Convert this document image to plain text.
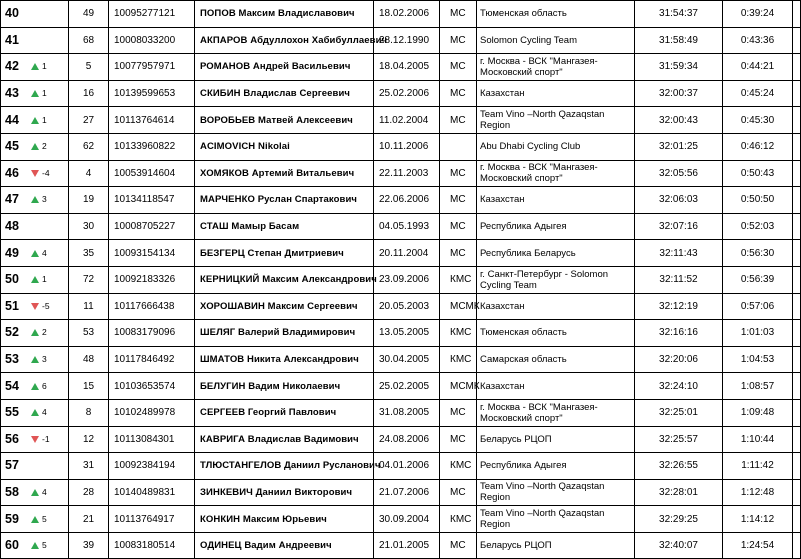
40	49	10095277121	ПОПОВ Максим Владиславович	18.02.2006	МС	Тюменская область	31:54:37	0:39:24	

41	68	10008033200	АКПАРОВ Абдуллохон Хабибуллаевич	28.12.1990	МС	Solomon Cycling Team	31:58:49	0:43:36	

42 1	5	10077957971	РОМАНОВ Андрей Васильевич	18.04.2005	МС	г. Москва - ВСК "Мангазея-Московский спорт"	31:59:34	0:44:21	

43 1	16	10139599653	СКИБИН Владислав Сергеевич	25.02.2006	МС	Казахстан	32:00:37	0:45:24	

44 1	27	10113764614	ВОРОБЬЕВ Матвей Алексеевич	11.02.2004	МС	Team Vino –North Qazaqstan Region	32:00:43	0:45:30	

45 2	62	10133960822	ACIMOVICH Nikolai	10.11.2006		Abu Dhabi Cycling Club	32:01:25	0:46:12	

46 -4	4	10053914604	ХОМЯКОВ Артемий Витальевич	22.11.2003	МС	г. Москва - ВСК "Мангазея-Московский спорт"	32:05:56	0:50:43	

47 3	19	10134118547	МАРЧЕНКО Руслан Спартакович	22.06.2006	МС	Казахстан	32:06:03	0:50:50	

48	30	10008705227	СТАШ Мамыр Басам	04.05.1993	МС	Республика Адыгея	32:07:16	0:52:03	

49 4	35	10093154134	БЕЗГЕРЦ Степан Дмитриевич	20.11.2004	МС	Республика Беларусь	32:11:43	0:56:30	

50 1	72	10092183326	КЕРНИЦКИЙ Максим Александрович	23.09.2006	КМС	г. Санкт-Петербург - Solomon Cycling Team	32:11:52	0:56:39	

51 -5	11	10117666438	ХОРОШАВИН Максим Сергеевич	20.05.2003	МСМК	Казахстан	32:12:19	0:57:06	

52 2	53	10083179096	ШЕЛЯГ Валерий Владимирович	13.05.2005	КМС	Тюменская область	32:16:16	1:01:03	

53 3	48	10117846492	ШМАТОВ Никита Александрович	30.04.2005	КМС	Самарская область	32:20:06	1:04:53	

54 6	15	10103653574	БЕЛУГИН Вадим Николаевич	25.02.2005	МСМК	Казахстан	32:24:10	1:08:57	

55 4	8	10102489978	СЕРГЕЕВ Георгий Павлович	31.08.2005	МС	г. Москва - ВСК "Мангазея-Московский спорт"	32:25:01	1:09:48	

56 -1	12	10113084301	КАВРИГА Владислав Вадимович	24.08.2006	МС	Беларусь РЦОП	32:25:57	1:10:44	

57	31	10092384194	ТЛЮСТАНГЕЛОВ Даниил Русланович	04.01.2006	КМС	Республика Адыгея	32:26:55	1:11:42	

58 4	28	10140489831	ЗИНКЕВИЧ Даниил Викторович	21.07.2006	МС	Team Vino –North Qazaqstan Region	32:28:01	1:12:48	

59 5	21	10113764917	КОНКИН Максим Юрьевич	30.09.2004	КМС	Team Vino –North Qazaqstan Region	32:29:25	1:14:12	

60 5	39	10083180514	ОДИНЕЦ Вадим Андреевич	21.01.2005	МС	Беларусь РЦОП	32:40:07	1:24:54	
